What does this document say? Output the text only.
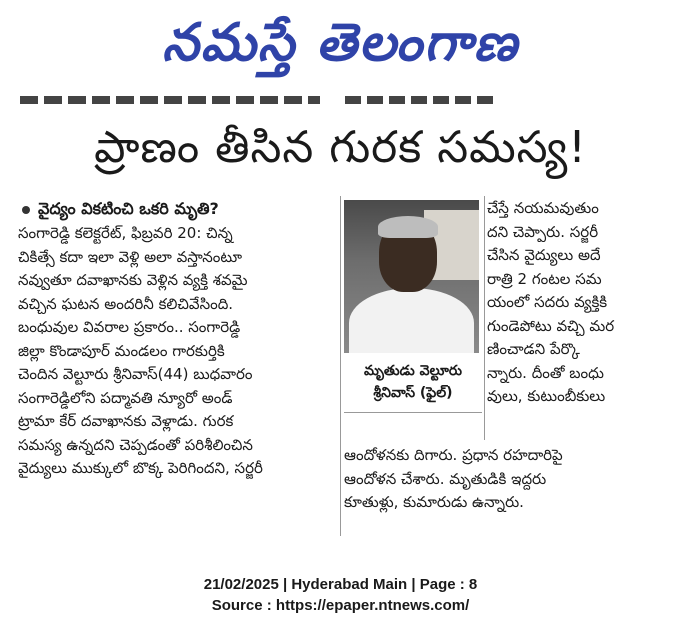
నమస్తే తెలంగాణ
ప్రాణం తీసిన గురక సమస్య!
వైద్యం వికటించి ఒకరి మృతి?
సంగారెడ్డి కలెక్టరేట్, ఫిబ్రవరి 20: చిన్న
చికిత్సే కదా ఇలా వెళ్లి అలా వస్తానంటూ
నవ్వుతూ దవాఖానకు వెళ్లిన వ్యక్తి శవమై
వచ్చిన ఘటన అందరినీ కలిచివేసింది.
బంధువుల వివరాల ప్రకారం.. సంగారెడ్డి
జిల్లా కొండాపూర్ మండలం గారకుర్తికి
చెందిన వెల్టూరు శ్రీనివాస్(44) బుధవారం
సంగారెడ్డిలోని పద్మావతి న్యూరో అండ్
ట్రామా కేర్ దవాఖానకు వెళ్లాడు. గురక
సమస్య ఉన్నదని చెప్పడంతో పరిశీలించిన
వైద్యులు ముక్కులో బొక్క పెరిగిందని, సర్జరీ
మృతుడు వెల్టూరు
శ్రీనివాస్ (ఫైల్)
చేస్తే నయమవుతుం
దని చెప్పారు. సర్జరీ
చేసిన వైద్యులు అదే
రాత్రి 2 గంటల సమ
యంలో సదరు వ్యక్తికి
గుండెపోటు వచ్చి మర
ణించాడని పేర్కొ
న్నారు. దీంతో బంధు
వులు, కుటుంబీకులు
ఆందోళనకు దిగారు. ప్రధాన రహదారిపై
ఆందోళన చేశారు. మృతుడికి ఇద్దరు
కూతుళ్లు, కుమారుడు ఉన్నారు.
21/02/2025 | Hyderabad Main | Page : 8
Source : https://epaper.ntnews.com/
